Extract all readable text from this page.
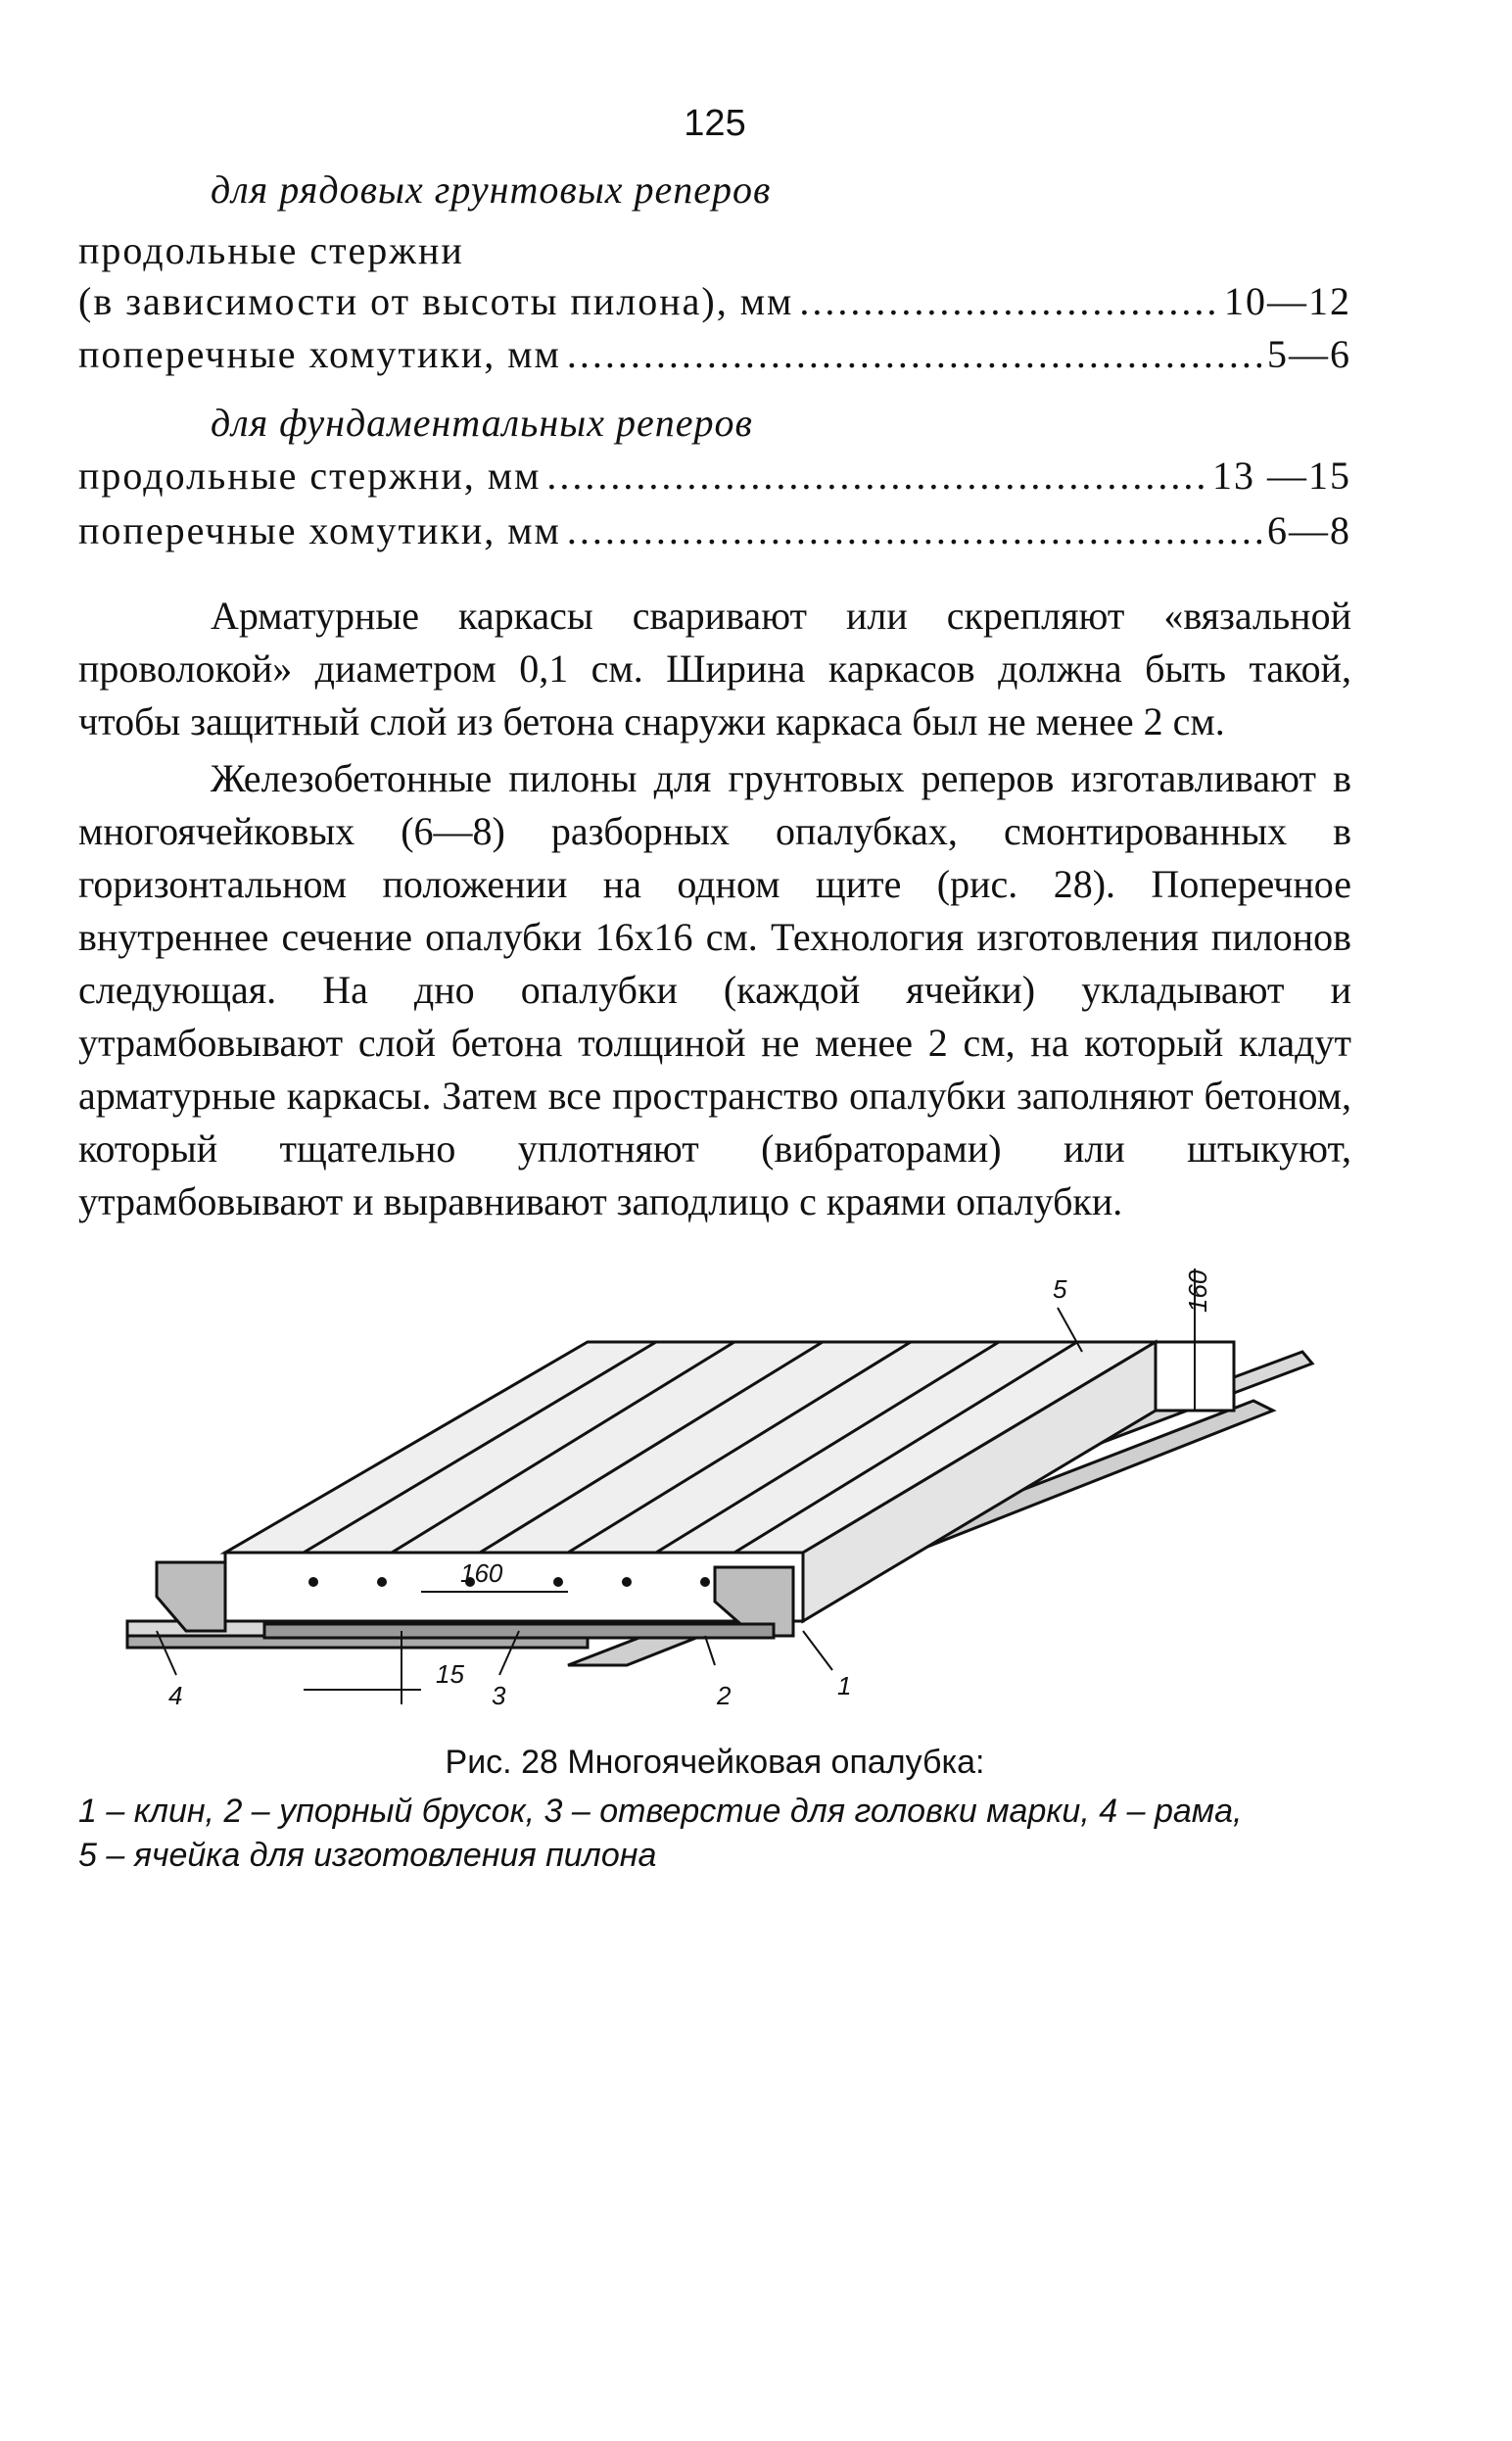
125
для рядовых грунтовых реперов
продольные стержни
(в зависимости от высоты пилона), мм .....	10—12
поперечные хомутики, мм .....	5—6
для фундаментальных реперов
продольные стержни, мм .....	13 —15
поперечные хомутики, мм .....	6—8

Арматурные каркасы сваривают или скрепляют «вязальной проволокой» диаметром 0,1 см. Ширина каркасов должна быть такой, чтобы защитный слой из бетона снаружи каркаса был не менее 2 см.

Железобетонные пилоны для грунтовых реперов изготавливают в многоячейковых (6—8) разборных опалубках, смонтированных в горизонтальном положении на одном щите (рис. 28). Поперечное внутреннее сечение опалубки 16х16 см. Технология изготовления пилонов следующая. На дно опалубки (каждой ячейки) укладывают и утрамбовывают слой бетона толщиной не менее 2 см, на который кладут арматурные каркасы. Затем все пространство опалубки заполняют бетоном, который тщательно уплотняют (вибраторами) или штыкуют, утрамбовывают и выравнивают заподлицо с краями опалубки.

160
160
15	1
2
3
4
5
Рис. 28 Многоячейковая опалубка:
1 – клин, 2 – упорный брусок, 3 – отверстие для головки марки, 4 – рама,
5 – ячейка для изготовления пилона
